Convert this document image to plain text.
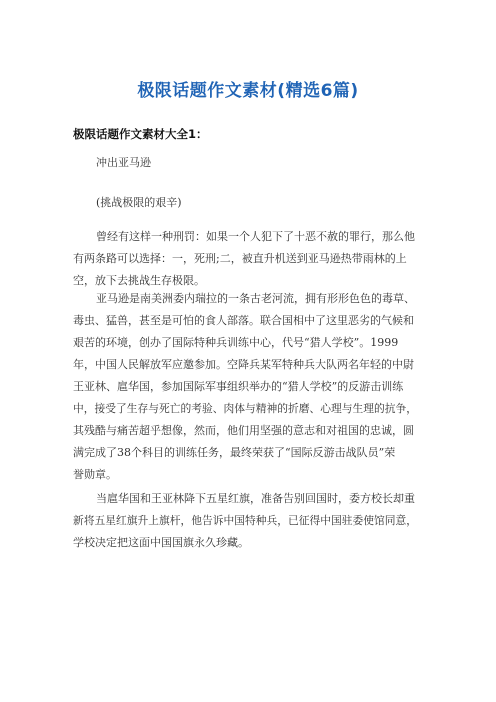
极限话题作文素材(精选6篇)
极限话题作文素材大全1：
冲出亚马逊
(挑战极限的艰辛)
曾经有这样一种刑罚：如果一个人犯下了十恶不赦的罪行，那么他
有两条路可以选择：一，死刑;二，被直升机送到亚马逊热带雨林的上
空，放下去挑战生存极限。
亚马逊是南美洲委内瑞拉的一条古老河流，拥有形形色色的毒草、
毒虫、猛兽，甚至是可怕的食人部落。联合国相中了这里恶劣的气候和
艰苦的环境，创办了国际特种兵训练中心，代号“猎人学校”。1999
年，中国人民解放军应邀参加。空降兵某军特种兵大队两名年轻的中尉
王亚林、扈华国，参加国际军事组织举办的“猎人学校”的反游击训练
中，接受了生存与死亡的考验、肉体与精神的折磨、心理与生理的抗争，
其残酷与痛苦超乎想像，然而，他们用坚强的意志和对祖国的忠诚，圆
满完成了38个科目的训练任务，最终荣获了“国际反游击战队员”荣
誉勋章。
当扈华国和王亚林降下五星红旗，准备告别回国时，委方校长却重
新将五星红旗升上旗杆，他告诉中国特种兵，已征得中国驻委使馆同意，
学校决定把这面中国国旗永久珍藏。
